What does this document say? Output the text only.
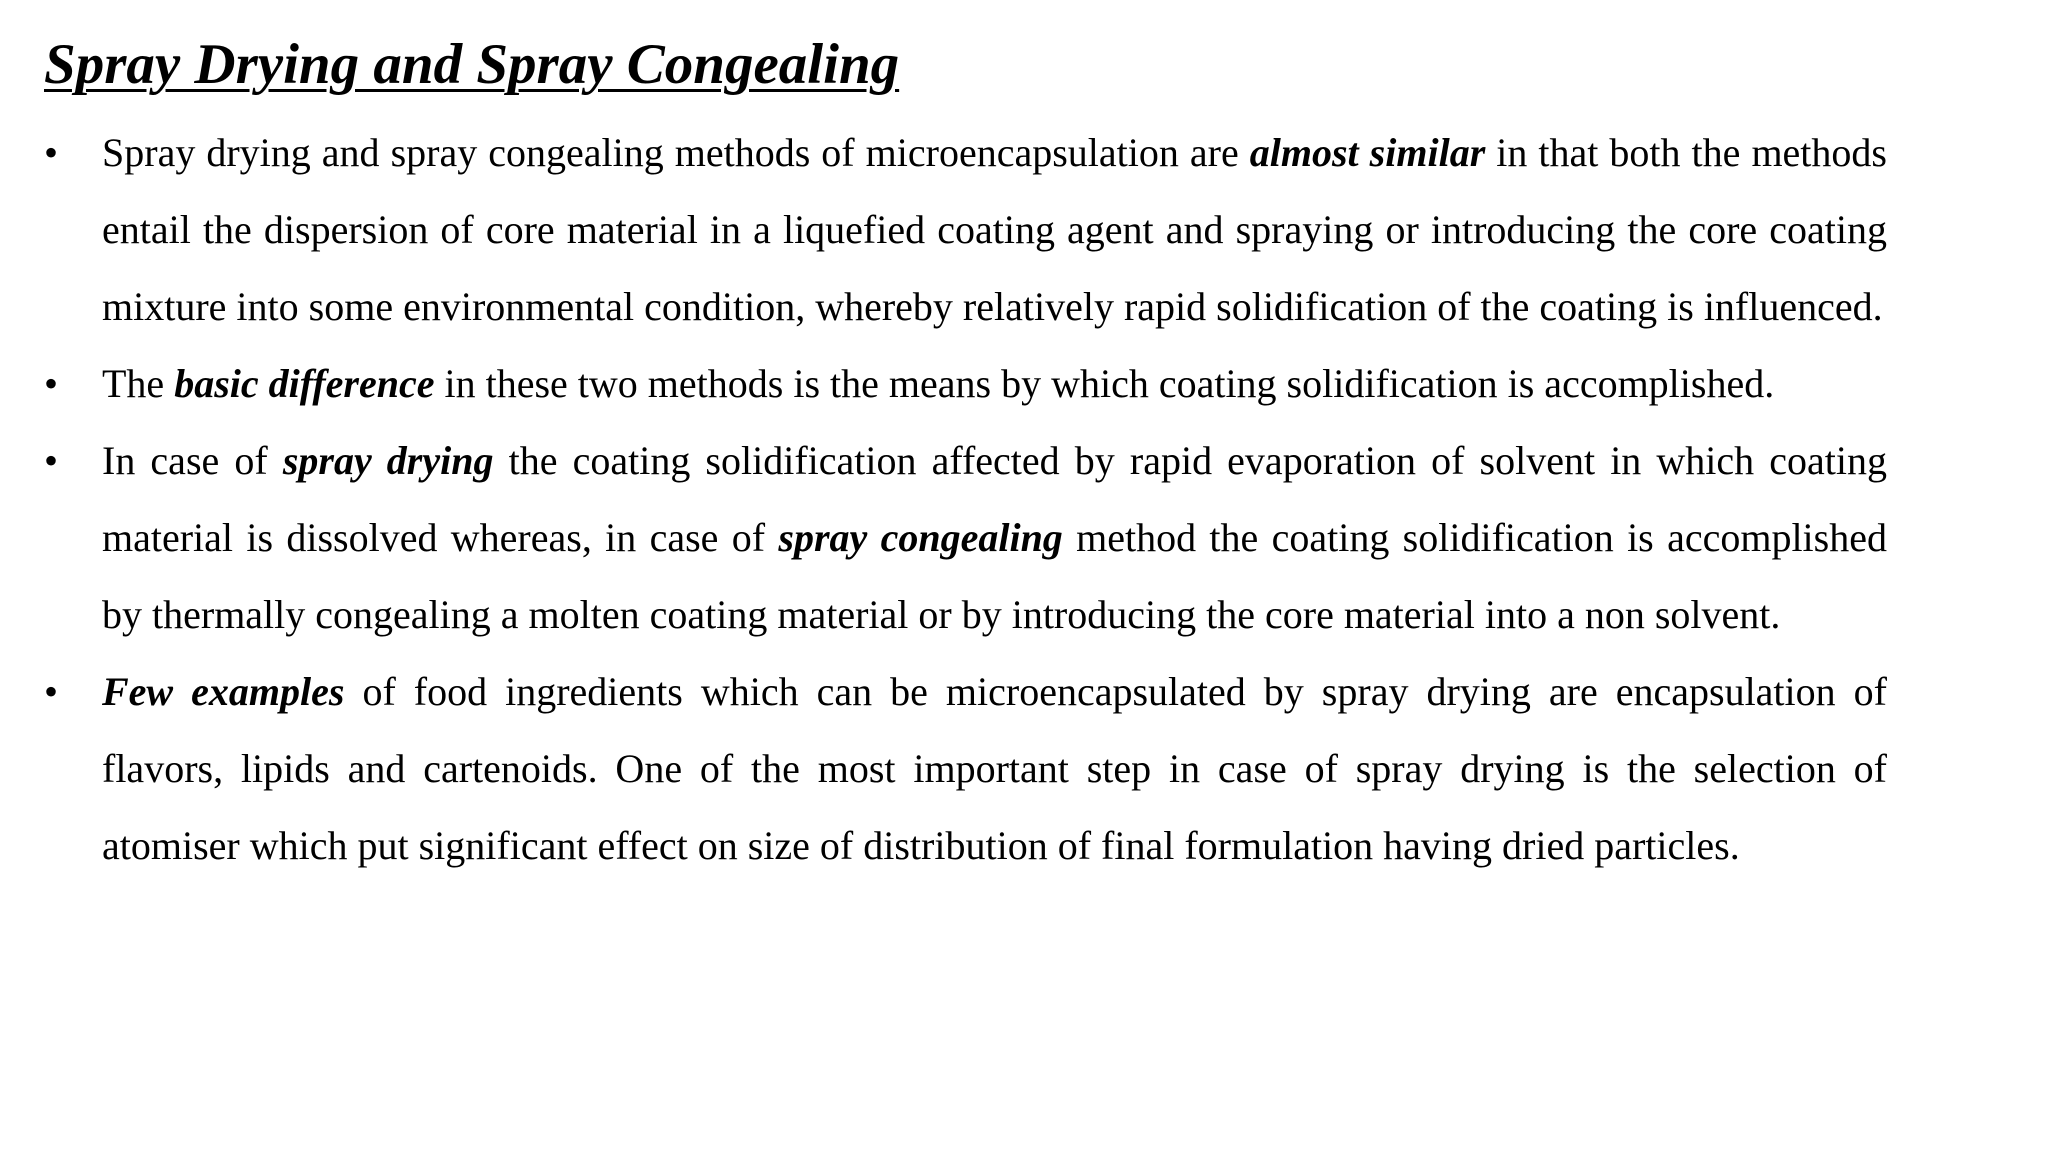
Spray Drying and Spray Congealing
• Spray drying and spray congealing methods of microencapsulation are almost similar in that both the methods entail the dispersion of core material in a liquefied coating agent and spraying or introducing the core coating mixture into some environmental condition, whereby relatively rapid solidification of the coating is influenced.
• The basic difference in these two methods is the means by which coating solidification is accomplished.
• In case of spray drying the coating solidification affected by rapid evaporation of solvent in which coating material is dissolved whereas, in case of spray congealing method the coating solidification is accomplished by thermally congealing a molten coating material or by introducing the core material into a non solvent.
• Few examples of food ingredients which can be microencapsulated by spray drying are encapsulation of flavors, lipids and cartenoids. One of the most important step in case of spray drying is the selection of atomiser which put significant effect on size of distribution of final formulation having dried particles.
